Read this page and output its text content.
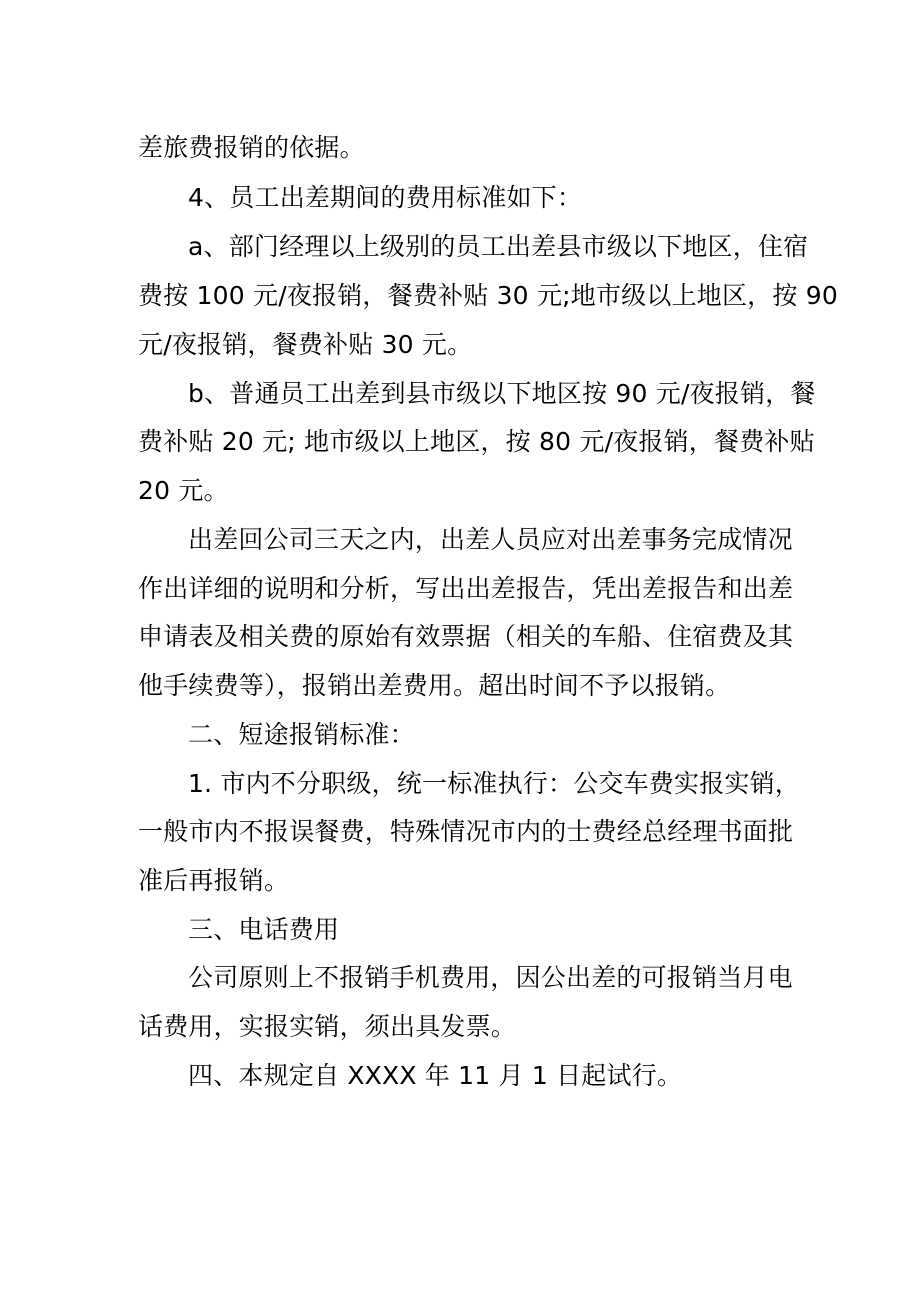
差旅费报销的依据。
4、员工出差期间的费用标准如下：
a、部门经理以上级别的员工出差县市级以下地区，住宿
费按 100 元/夜报销，餐费补贴 30 元;地市级以上地区，按 90
元/夜报销，餐费补贴 30 元。
b、普通员工出差到县市级以下地区按 90 元/夜报销，餐
费补贴 20 元; 地市级以上地区，按 80 元/夜报销，餐费补贴
20 元。
出差回公司三天之内，出差人员应对出差事务完成情况
作出详细的说明和分析，写出出差报告，凭出差报告和出差
申请表及相关费的原始有效票据（相关的车船、住宿费及其
他手续费等），报销出差费用。超出时间不予以报销。
二、短途报销标准：
1. 市内不分职级，统一标准执行：公交车费实报实销，
一般市内不报误餐费，特殊情况市内的士费经总经理书面批
准后再报销。
三、电话费用
公司原则上不报销手机费用，因公出差的可报销当月电
话费用，实报实销，须出具发票。
四、本规定自 XXXX 年 11 月 1 日起试行。
